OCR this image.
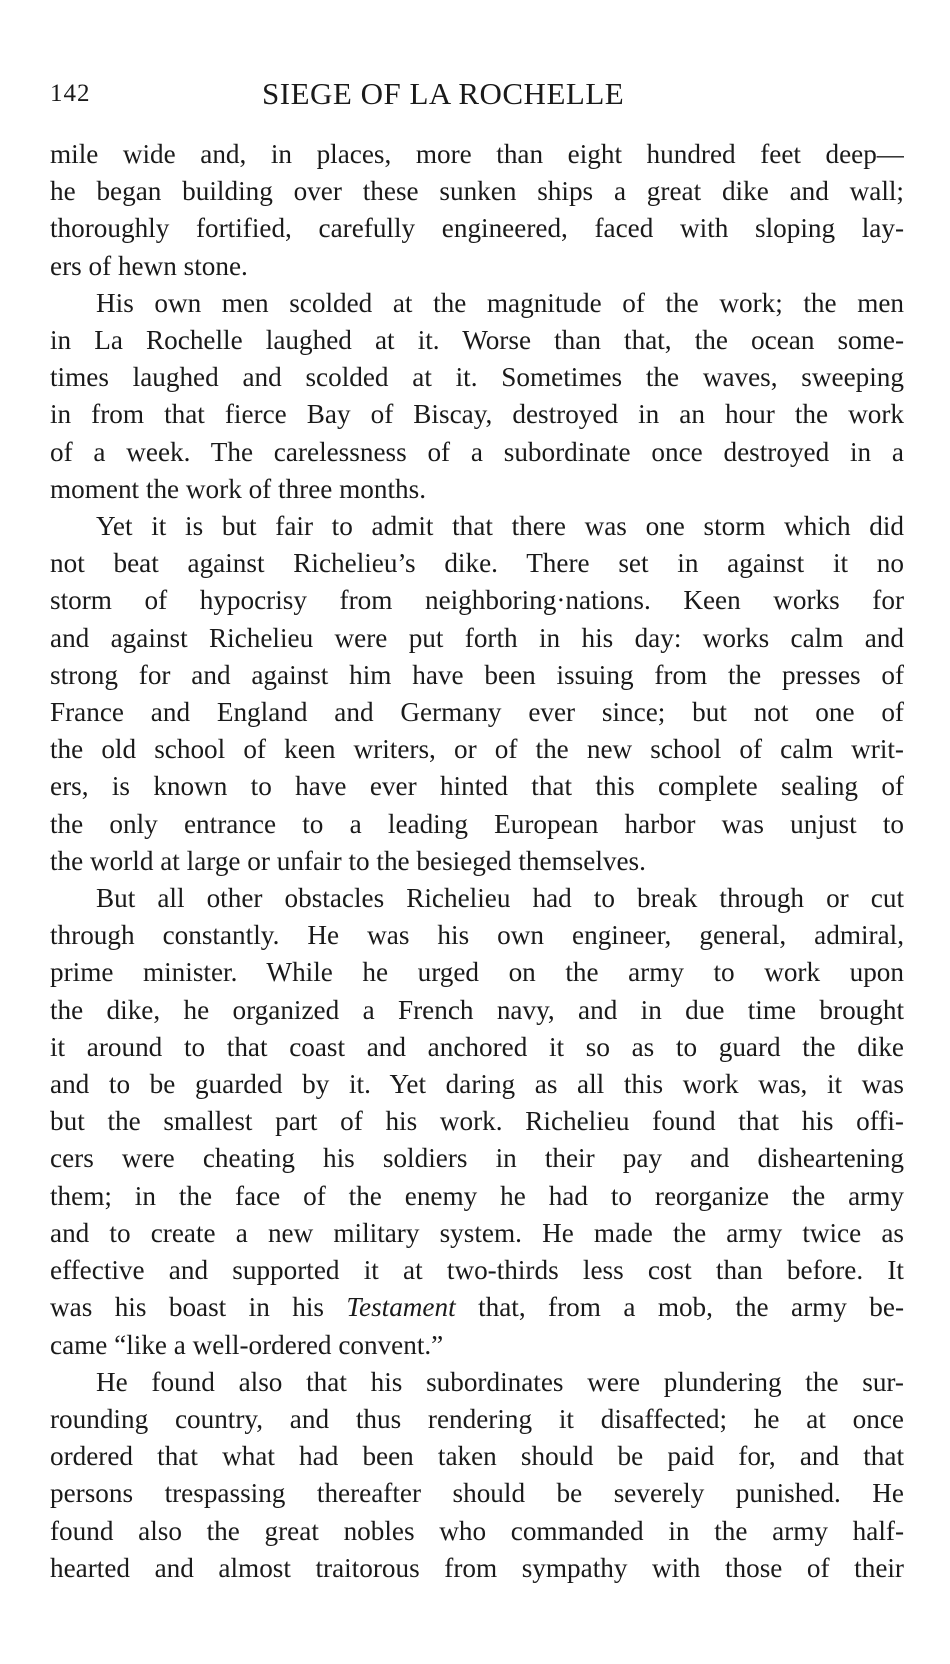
142	SIEGE OF LA ROCHELLE

mile wide and, in places, more than eight hundred feet deep—
he began building over these sunken ships a great dike and wall;
thoroughly fortified, carefully engineered, faced with sloping lay-
ers of hewn stone.

His own men scolded at the magnitude of the work; the men
in La Rochelle laughed at it. Worse than that, the ocean some-
times laughed and scolded at it. Sometimes the waves, sweeping
in from that fierce Bay of Biscay, destroyed in an hour the work
of a week. The carelessness of a subordinate once destroyed in a
moment the work of three months.

Yet it is but fair to admit that there was one storm which did
not beat against Richelieu’s dike. There set in against it no
storm of hypocrisy from neighboring·nations. Keen works for
and against Richelieu were put forth in his day: works calm and
strong for and against him have been issuing from the presses of
France and England and Germany ever since; but not one of
the old school of keen writers, or of the new school of calm writ-
ers, is known to have ever hinted that this complete sealing of
the only entrance to a leading European harbor was unjust to
the world at large or unfair to the besieged themselves.

But all other obstacles Richelieu had to break through or cut
through constantly. He was his own engineer, general, admiral,
prime minister. While he urged on the army to work upon
the dike, he organized a French navy, and in due time brought
it around to that coast and anchored it so as to guard the dike
and to be guarded by it. Yet daring as all this work was, it was
but the smallest part of his work. Richelieu found that his offi-
cers were cheating his soldiers in their pay and disheartening
them; in the face of the enemy he had to reorganize the army
and to create a new military system. He made the army twice as
effective and supported it at two-thirds less cost than before. It
was his boast in his Testament that, from a mob, the army be-
came “like a well-ordered convent.”

He found also that his subordinates were plundering the sur-
rounding country, and thus rendering it disaffected; he at once
ordered that what had been taken should be paid for, and that
persons trespassing thereafter should be severely punished. He
found also the great nobles who commanded in the army half-
hearted and almost traitorous from sympathy with those of their
